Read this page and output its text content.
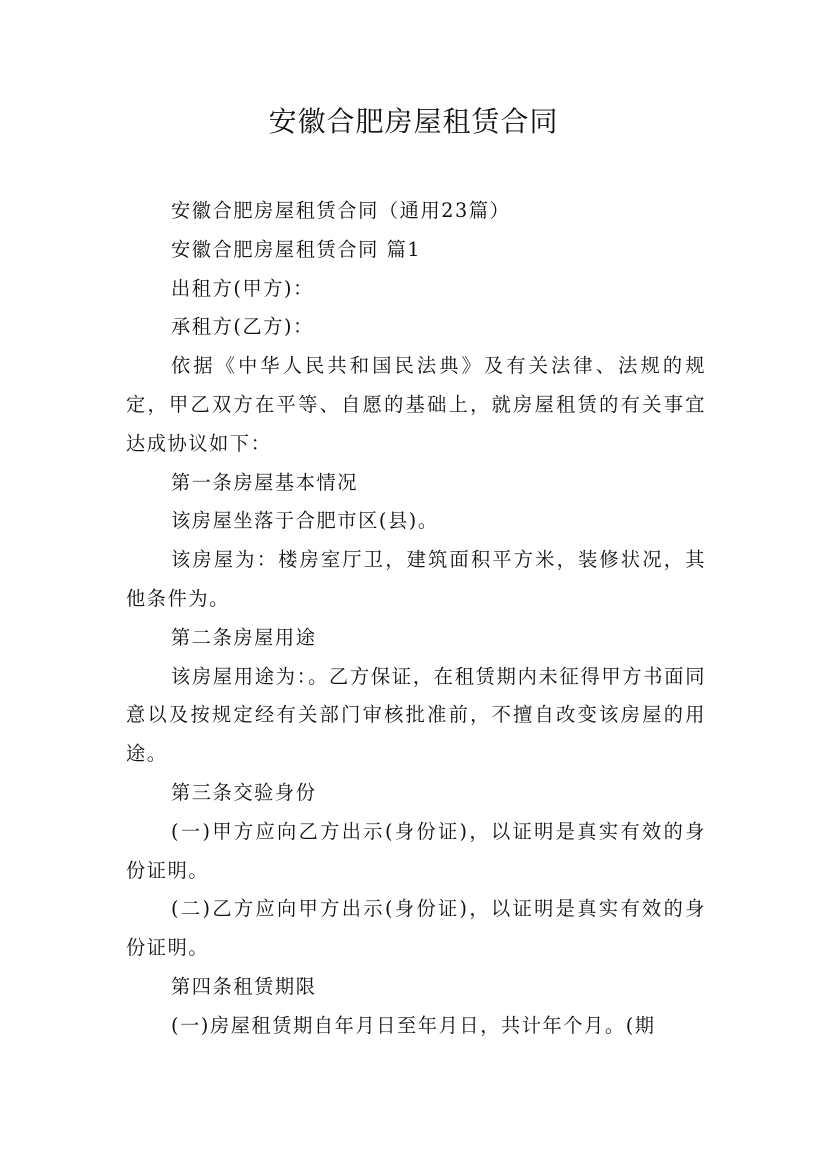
安徽合肥房屋租赁合同

安徽合肥房屋租赁合同（通用23篇）

安徽合肥房屋租赁合同 篇1

出租方(甲方)：

承租方(乙方)：

依据《中华人民共和国民法典》及有关法律、法规的规定，甲乙双方在平等、自愿的基础上，就房屋租赁的有关事宜达成协议如下：

第一条房屋基本情况

该房屋坐落于合肥市区(县)。

该房屋为：楼房室厅卫，建筑面积平方米，装修状况，其他条件为。

第二条房屋用途

该房屋用途为：。乙方保证，在租赁期内未征得甲方书面同意以及按规定经有关部门审核批准前，不擅自改变该房屋的用途。

第三条交验身份

(一)甲方应向乙方出示(身份证)，以证明是真实有效的身份证明。

(二)乙方应向甲方出示(身份证)，以证明是真实有效的身份证明。

第四条租赁期限

(一)房屋租赁期自年月日至年月日，共计年个月。(期
